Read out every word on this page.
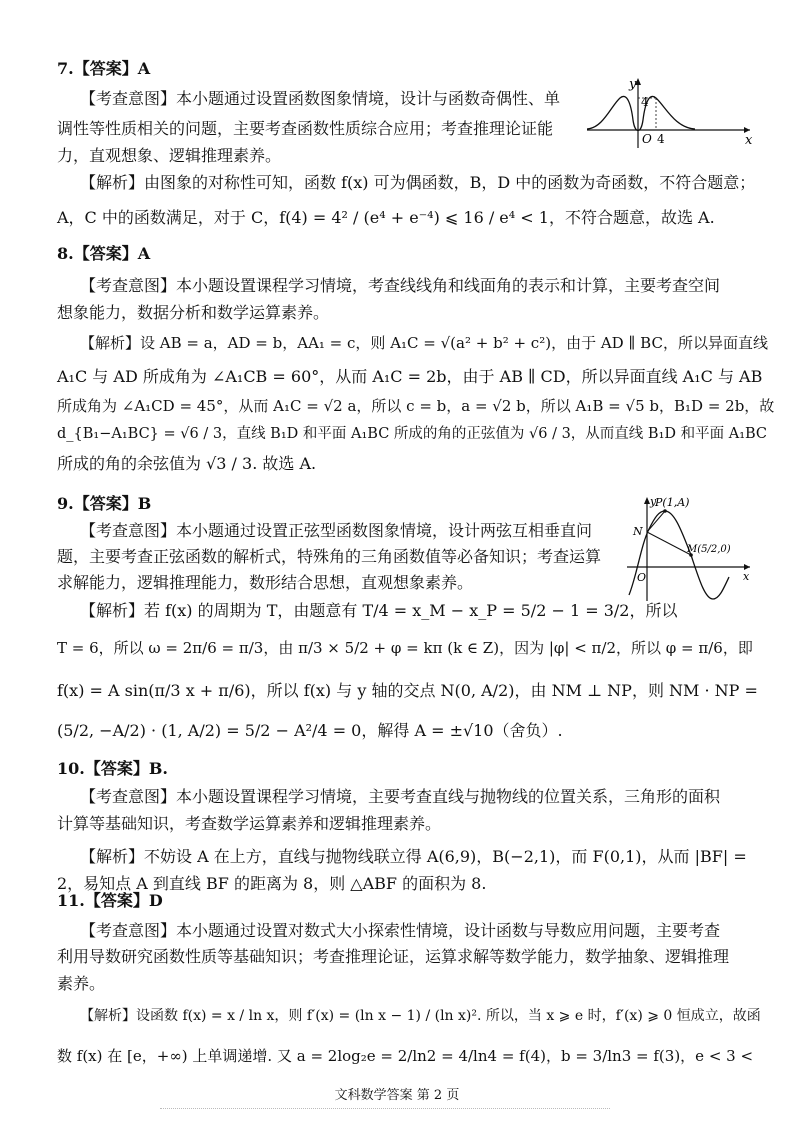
7.【答案】A
【考查意图】本小题通过设置函数图象情境，设计与函数奇偶性、单
调性等性质相关的问题，主要考查函数性质综合应用；考查推理论证能
力，直观想象、逻辑推理素养。
【解析】由图象的对称性可知，函数 f(x) 可为偶函数，B，D 中的函数为奇函数，不符合题意；
A，C 中的函数满足，对于 C，f(4) = 4² / (e⁴ + e⁻⁴) ⩽ 16 / e⁴ < 1，不符合题意，故选 A.
8.【答案】A
【考查意图】本小题设置课程学习情境，考查线线角和线面角的表示和计算，主要考查空间
想象能力，数据分析和数学运算素养。
【解析】设 AB = a，AD = b，AA₁ = c，则 A₁C = √(a² + b² + c²)，由于 AD ∥ BC，所以异面直线
A₁C 与 AD 所成角为 ∠A₁CB = 60°，从而 A₁C = 2b，由于 AB ∥ CD，所以异面直线 A₁C 与 AB
所成角为 ∠A₁CD = 45°，从而 A₁C = √2 a，所以 c = b，a = √2 b，所以 A₁B = √5 b，B₁D = 2b，故
d_{B₁−A₁BC} = √6 / 3，直线 B₁D 和平面 A₁BC 所成的角的正弦值为 √6 / 3，从而直线 B₁D 和平面 A₁BC
所成的角的余弦值为 √3 / 3. 故选 A.
9.【答案】B
【考查意图】本小题通过设置正弦型函数图象情境，设计两弦互相垂直问
题，主要考查正弦函数的解析式，特殊角的三角函数值等必备知识；考查运算
求解能力，逻辑推理能力，数形结合思想，直观想象素养。
【解析】若 f(x) 的周期为 T，由题意有 T/4 = x_M − x_P = 5/2 − 1 = 3/2，所以
T = 6，所以 ω = 2π/6 = π/3，由 π/3 × 5/2 + φ = kπ (k ∈ Z)，因为 |φ| < π/2，所以 φ = π/6，即
f(x) = A sin(π/3 x + π/6)，所以 f(x) 与 y 轴的交点 N(0, A/2)，由 NM ⊥ NP，则 NM · NP =
(5/2, −A/2) · (1, A/2) = 5/2 − A²/4 = 0，解得 A = ±√10（舍负）.
10.【答案】B.
【考查意图】本小题设置课程学习情境，主要考查直线与抛物线的位置关系，三角形的面积
计算等基础知识，考查数学运算素养和逻辑推理素养。
【解析】不妨设 A 在上方，直线与抛物线联立得 A(6,9)，B(−2,1)，而 F(0,1)，从而 |BF| =
2，易知点 A 到直线 BF 的距离为 8，则 △ABF 的面积为 8.
11.【答案】D
【考查意图】本小题通过设置对数式大小探索性情境，设计函数与导数应用问题，主要考查
利用导数研究函数性质等基础知识；考查推理论证，运算求解等数学能力，数学抽象、逻辑推理
素养。
【解析】设函数 f(x) = x / ln x，则 f′(x) = (ln x − 1) / (ln x)². 所以，当 x ⩾ e 时，f′(x) ⩾ 0 恒成立，故函
数 f(x) 在 [e，+∞) 上单调递增. 又 a = 2log₂e = 2/ln2 = 4/ln4 = f(4)，b = 3/ln3 = f(3)，e < 3 <
y
x
O 4
4
P(1,A)
N
M(5/2,0)
O
y
x
文科数学答案 第 2 页
